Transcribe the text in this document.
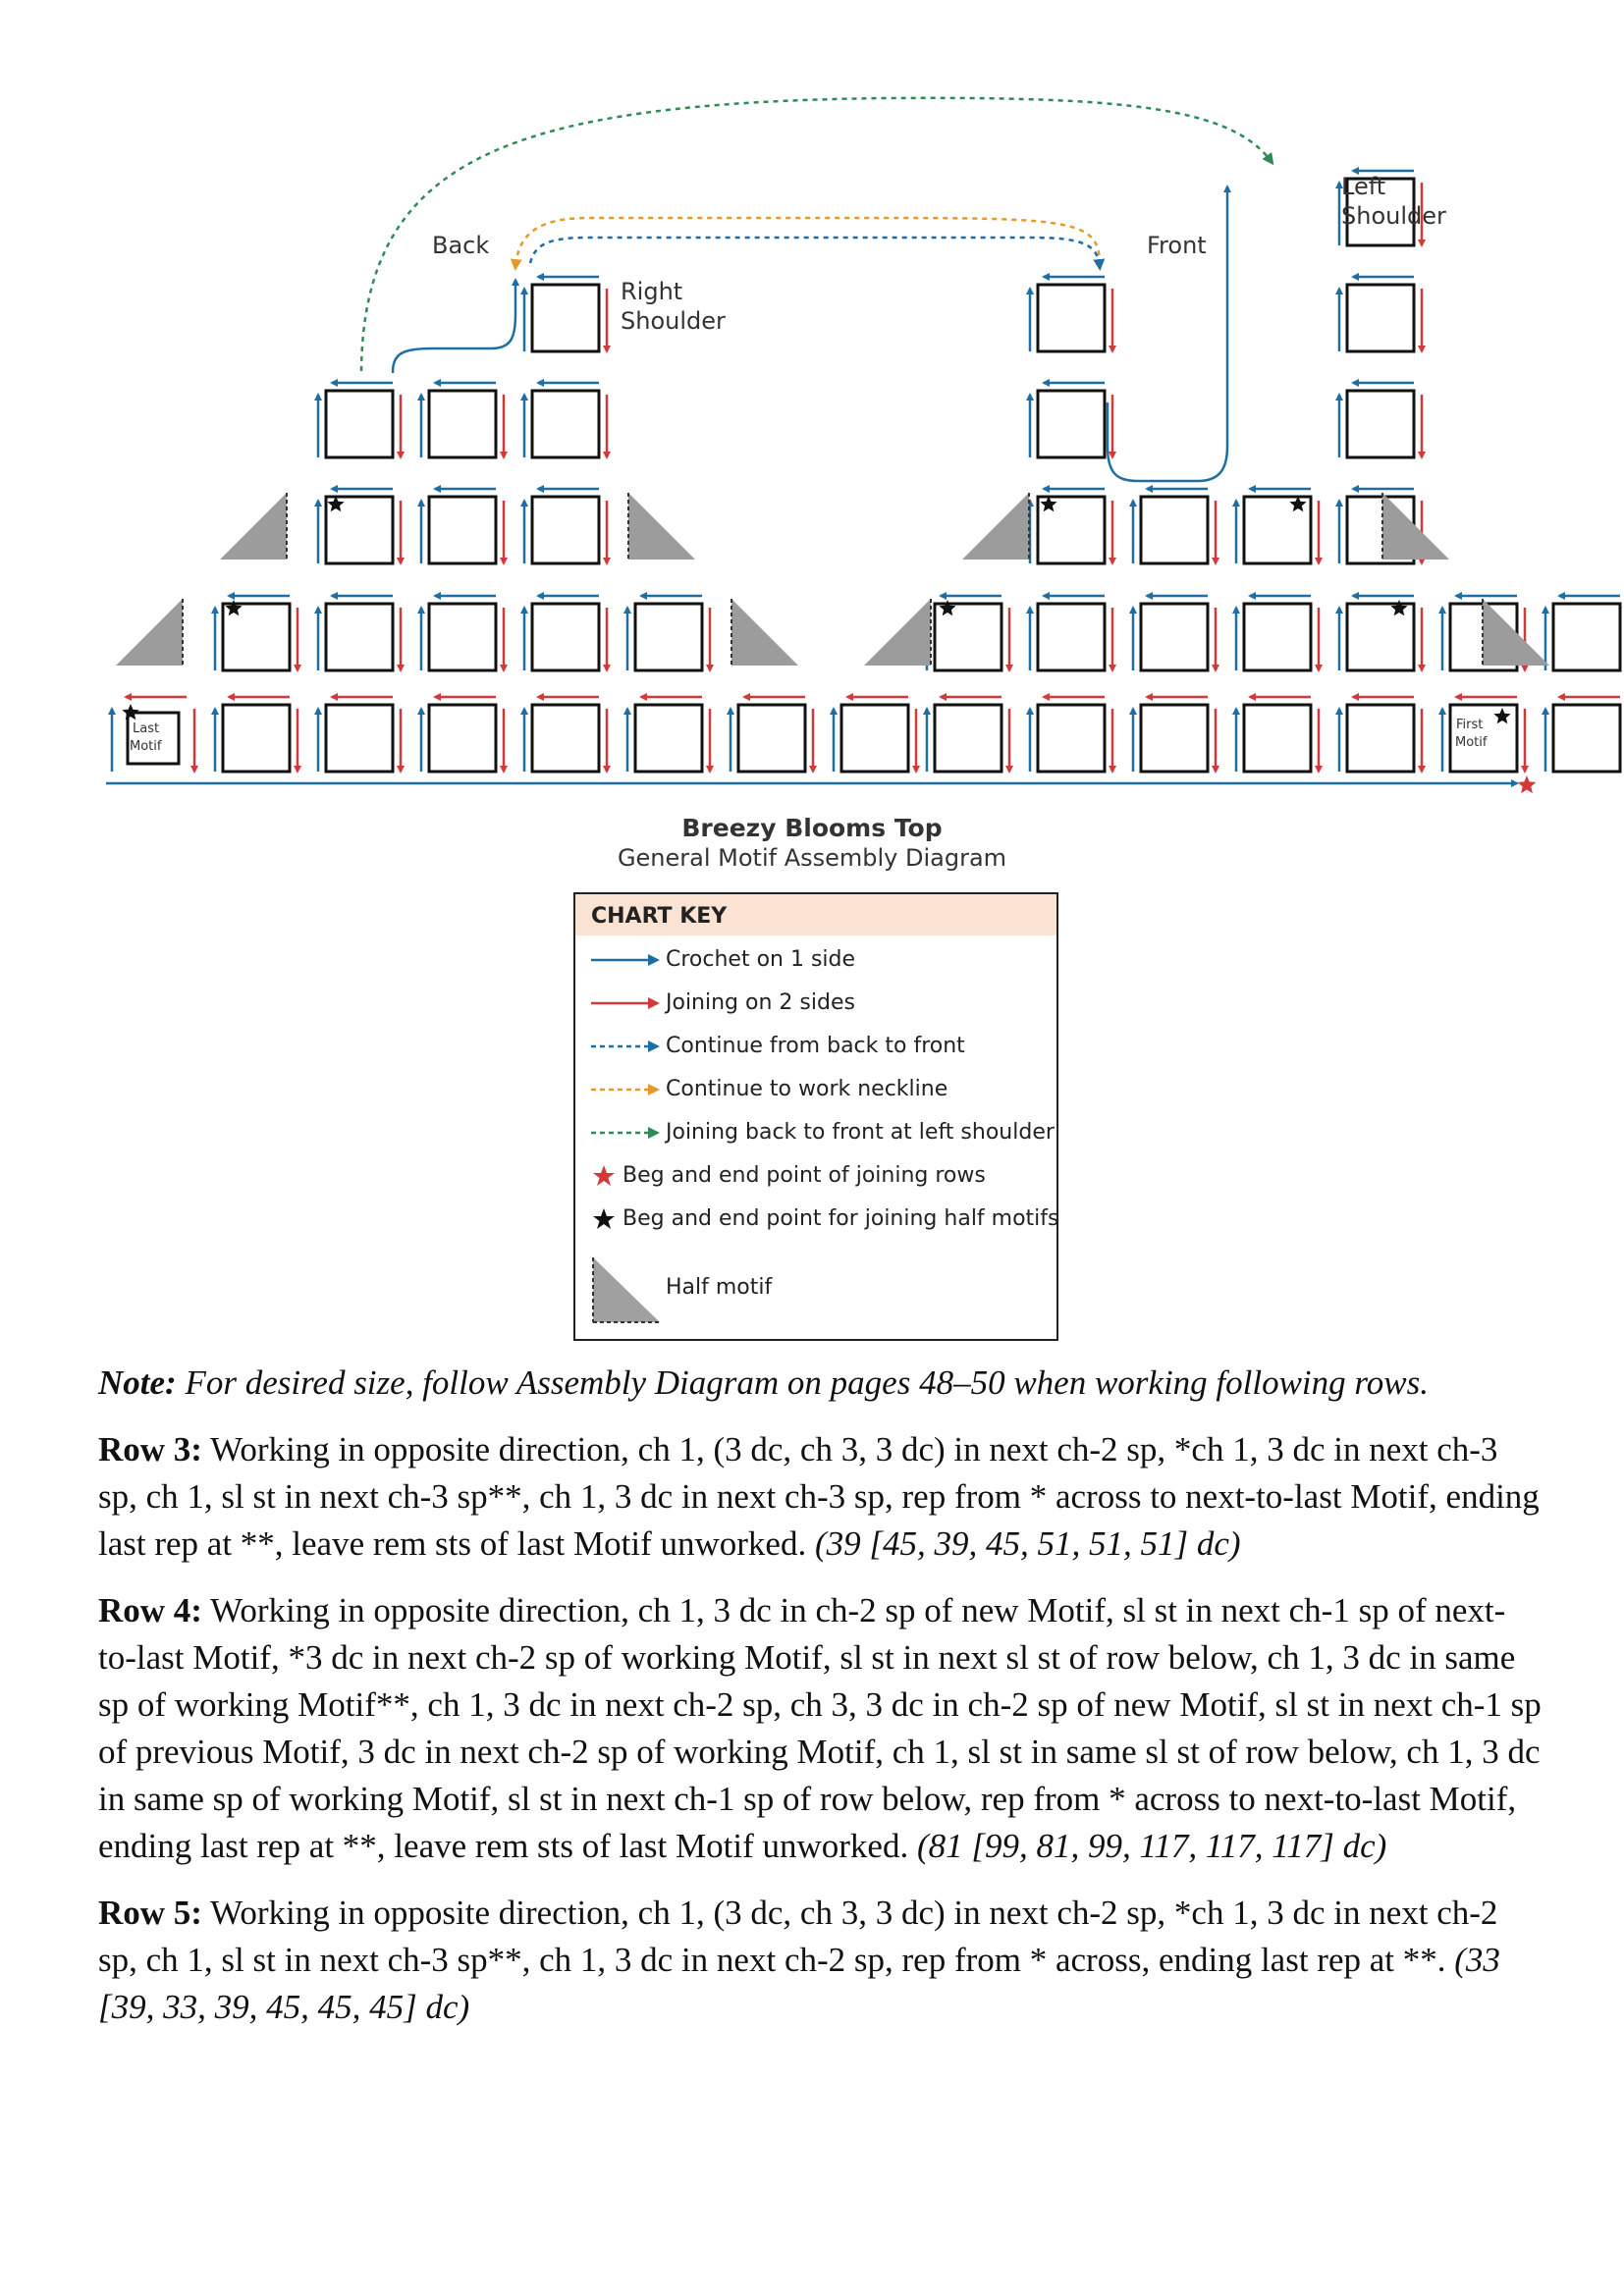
Back	Front
Right
Shoulder
Left
Shoulder
Last
Motif
First
Motif
Breezy Blooms Top
General Motif Assembly Diagram
CHART KEY
Crochet on 1 side
Joining on 2 sides
Continue from back to front
Continue to work neckline
Joining back to front at left shoulder
Beg and end point of joining rows
Beg and end point for joining half motifs
Half motif

Note: For desired size, follow Assembly Diagram on pages 48–50 when working following rows.

Row 3: Working in opposite direction, ch 1, (3 dc, ch 3, 3 dc) in next ch-2 sp, *ch 1, 3 dc in next ch-3 sp, ch 1, sl st in next ch-3 sp**, ch 1, 3 dc in next ch-3 sp, rep from * across to next-to-last Motif, ending last rep at **, leave rem sts of last Motif unworked. (39 [45, 39, 45, 51, 51, 51] dc)

Row 4: Working in opposite direction, ch 1, 3 dc in ch-2 sp of new Motif, sl st in next ch-1 sp of next-to-last Motif, *3 dc in next ch-2 sp of working Motif, sl st in next sl st of row below, ch 1, 3 dc in same sp of working Motif**, ch 1, 3 dc in next ch-2 sp, ch 3, 3 dc in ch-2 sp of new Motif, sl st in next ch-1 sp of previous Motif, 3 dc in next ch-2 sp of working Motif, ch 1, sl st in same sl st of row below, ch 1, 3 dc in same sp of working Motif, sl st in next ch-1 sp of row below, rep from * across to next-to-last Motif, ending last rep at **, leave rem sts of last Motif unworked. (81 [99, 81, 99, 117, 117, 117] dc)

Row 5: Working in opposite direction, ch 1, (3 dc, ch 3, 3 dc) in next ch-2 sp, *ch 1, 3 dc in next ch-2 sp, ch 1, sl st in next ch-3 sp**, ch 1, 3 dc in next ch-2 sp, rep from * across, ending last rep at **. (33 [39, 33, 39, 45, 45, 45] dc)
